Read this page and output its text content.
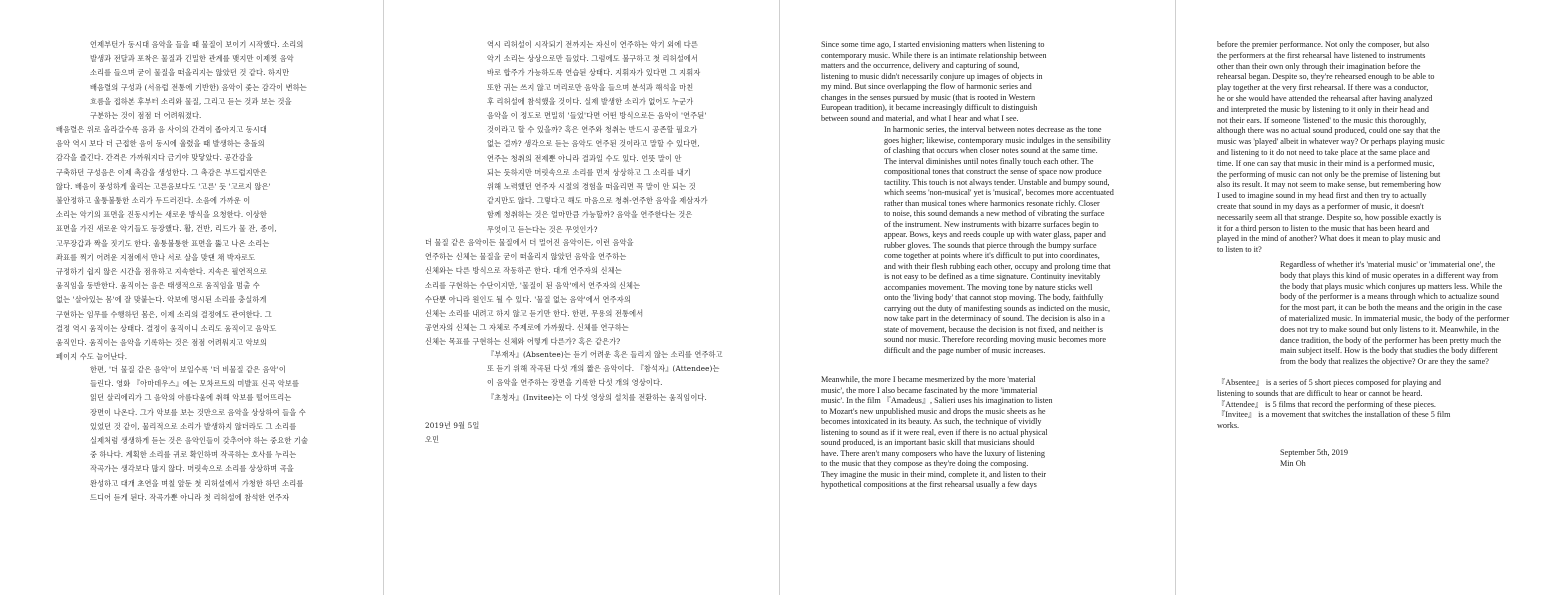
언제부턴가 동시대 음악을 들을 때 물질이 보이기 시작했다. 소리의
발생과 전달과 포착은 물질과 긴밀한 관계를 맺지만 이제껏 음악
소리를 들으며 굳이 물질을 떠올리지는 않았던 것 같다. 하지만
배음렬의 구성과 (서유럽 전통에 기반한) 음악이 좇는 감각이 변하는
흐름을 접하본 후부터 소리와 물질, 그리고 듣는 것과 보는 것을
구분하는 것이 점점 더 어려워졌다.
배음렬은 위로 올라갈수록 음과 음 사이의 간격이 좁아지고 동시대
음악 역시 보다 더 근접한 음이 동시에 울렸을 때 발생하는 충돌의
감각을 즐긴다. 간격은 가까워지다 금기야 맞닿았다. 공간감을
구축하던 구성음은 이제 촉감을 생성한다. 그 촉감은 부드럽지만은
않다. 배음이 풍성하게 울리는 고른음보다도 '고른' 듯 '고르지 않은'
불안정하고 울퉁불퉁한 소리가 두드러진다. 소음에 가까운 이
소리는 악기의 표면을 진동시키는 새로운 방식을 요청한다. 이상한
표면을 가진 새로운 악기들도 등장했다. 활, 건반, 리드가 물 잔, 종이,
고무장갑과 짝을 짓기도 한다. 울퉁불퉁한 표면을 뚫고 나온 소리는
좌표를 찍기 어려운 지점에서 만나 서로 살을 맞댄 채 박자로도
규정하기 쉽지 않은 시간을 점유하고 지속한다. 지속은 필연적으로
움직임을 동반한다. 움직이는 음은 태생적으로 움직임을 멈출 수
없는 '살아있는 몸'에 잘 맞붙는다. 악보에 명시된 소리를 충실하게
구현하는 임무를 수행하던 몸은, 이제 소리의 결정에도 관여한다. 그
결정 역시 움직이는 상태다. 결정이 움직이니 소리도 움직이고 음악도
움직인다. 움직이는 음악을 기록하는 것은 점점 어려워지고 악보의
페이지 수도 늘어난다.
한편, '더 물질 같은 음악'이 보일수록 '더 비물질 같은 음악'이
들린다. 영화 『아마데우스』에는 모차르트의 미발표 신곡 악보를
읽던 살리에리가 그 음악의 아름다움에 취해 악보를 떨어뜨리는
장면이 나온다. 그가 악보를 보는 것만으로 음악을 상상하여 들을 수
있었던 것 같이, 물리적으로 소리가 발생하지 않더라도 그 소리를
실제처럼 생생하게 듣는 것은 음악인들이 갖추어야 하는 중요한 기술
중 하나다. 계획한 소리를 귀로 확인하며 작곡하는 호사를 누리는
작곡가는 생각보다 많지 않다. 머릿속으로 소리를 상상하며 곡을
완성하고 대개 초연을 며칠 앞둔 첫 리허설에서 가청한 하던 소리를
드디어 듣게 된다. 작곡가뿐 아니라 첫 리허설에 참석한 연주자
역시 리허설이 시작되기 전까지는 자신이 연주하는 악기 외에 다른
악기 소리는 상상으로만 들었다. 그럼에도 불구하고 첫 리허설에서
바로 합주가 가능하도록 연습된 상태다. 지휘자가 있다면 그 지휘자
또한 귀는 쓰지 않고 머리로만 음악을 들으며 분석과 해석을 마친
후 리허설에 참석했을 것이다. 실제 발생한 소리가 없어도 누군가
음악을 이 정도로 면밀히 '들었'다면 어떤 방식으로든 음악이 '연주된'
것이라고 할 수 있을까? 혹은 연주와 청취는 반드시 공존할 필요가
없는 걸까? 생각으로 듣는 음악도 연주된 것이라고 말할 수 있다면,
연주는 청취의 전제뿐 아니라 결과일 수도 있다. 언뜻 말이 안
되는 듯하지만 머릿속으로 소리를 먼저 상상하고 그 소리를 내기
위해 노력했던 연주자 시절의 경험을 떠올리면 꼭 말이 안 되는 것
같지만도 않다. 그렇다고 해도 마음으로 청취-연주한 음악을 제삼자가
함께 청취하는 것은 얼마만큼 가능할까? 음악을 연주한다는 것은
무엇이고 듣는다는 것은 무엇인가?
더 물질 같은 음악이든 물질에서 더 멀어진 음악이든, 이런 음악을
연주하는 신체는 물질을 굳이 떠올리지 않았던 음악을 연주하는
신체와는 다른 방식으로 작동하곤 한다. 대개 연주자의 신체는
소리를 구현하는 수단이지만, '물질이 된 음악'에서 연주자의 신체는
수단뿐 아니라 원인도 될 수 있다. '물질 없는 음악'에서 연주자의
신체는 소리를 내려고 하지 않고 듣기만 한다. 한편, 무용의 전통에서
공연자의 신체는 그 자체로 주제로에 가까웠다. 신체를 연구하는
신체는 목표를 구현하는 신체와 어떻게 다른가? 혹은 같은가?
『부재자』(Absentee)는 듣기 어려운 혹은 들리지 않는 소리를 연주하고
또 듣기 위해 작곡된 다섯 개의 짧은 음악이다. 『참석자』(Attendee)는
이 음악을 연주하는 장면을 기록한 다섯 개의 영상이다.
『초청자』(Invitee)는 이 다섯 영상의 설치를 전환하는 움직임이다.
2019년 9월 5일
오민
Since some time ago, I started envisioning matters when listening to
contemporary music. While there is an intimate relationship between
matters and the occurrence, delivery and capturing of sound,
listening to music didn't necessarily conjure up images of objects in
my mind. But since overlapping the flow of harmonic series and
changes in the senses pursued by music (that is rooted in Western
European tradition), it became increasingly difficult to distinguish
between sound and material, and what I hear and what I see.
In harmonic series, the interval between notes decrease as the tone
goes higher; likewise, contemporary music indulges in the sensibility
of clashing that occurs when closer notes sound at the same time.
The interval diminishes until notes finally touch each other. The
compositional tones that construct the sense of space now produce
tactility. This touch is not always tender. Unstable and bumpy sound,
which seems 'non-musical' yet is 'musical', becomes more accentuated
rather than musical tones where harmonics resonate richly. Closer
to noise, this sound demands a new method of vibrating the surface
of the instrument. New instruments with bizarre surfaces begin to
appear. Bows, keys and reeds couple up with water glass, paper and
rubber gloves. The sounds that pierce through the bumpy surface
come together at points where it's difficult to put into coordinates,
and with their flesh rubbing each other, occupy and prolong time that
is not easy to be defined as a time signature. Continuity inevitably
accompanies movement. The moving tone by nature sticks well
onto the 'living body' that cannot stop moving. The body, faithfully
carrying out the duty of manifesting sounds as indicted on the music,
now take part in the determinacy of sound. The decision is also in a
state of movement, because the decision is not fixed, and neither is
sound nor music. Therefore recording moving music becomes more
difficult and the page number of music increases.
Meanwhile, the more I became mesmerized by the more 'material
music', the more I also became fascinated by the more 'immaterial
music'. In the film 『Amadeus』, Salieri uses his imagination to listen
to Mozart's new unpublished music and drops the music sheets as he
becomes intoxicated in its beauty. As such, the technique of vividly
listening to sound as if it were real, even if there is no actual physical
sound produced, is an important basic skill that musicians should
have. There aren't many composers who have the luxury of listening
to the music that they compose as they're doing the composing.
They imagine the music in their mind, complete it, and listen to their
hypothetical compositions at the first rehearsal usually a few days
before the premier performance. Not only the composer, but also
the performers at the first rehearsal have listened to instruments
other than their own only through their imagination before the
rehearsal began. Despite so, they're rehearsed enough to be able to
play together at the very first rehearsal. If there was a conductor,
he or she would have attended the rehearsal after having analyzed
and interpreted the music by listening to it only in their head and
not their ears. If someone 'listened' to the music this thoroughly,
although there was no actual sound produced, could one say that the
music was 'played' albeit in whatever way? Or perhaps playing music
and listening to it do not need to take place at the same place and
time. If one can say that music in their mind is a performed music,
the performing of music can not only be the premise of listening but
also its result. It may not seem to make sense, but remembering how
I used to imagine sound in my head first and then try to actually
create that sound in my days as a performer of music, it doesn't
necessarily seem all that strange. Despite so, how possible exactly is
it for a third person to listen to the music that has been heard and
played in the mind of another? What does it mean to play music and
to listen to it?
Regardless of whether it's 'material music' or 'immaterial one', the
body that plays this kind of music operates in a different way from
the body that plays music which conjures up matters less. While the
body of the performer is a means through which to actualize sound
for the most part, it can be both the means and the origin in the case
of materialized music. In immaterial music, the body of the performer
does not try to make sound but only listens to it. Meanwhile, in the
dance tradition, the body of the performer has been pretty much the
main subject itself. How is the body that studies the body different
from the body that realizes the objective? Or are they the same?
『Absentee』 is a series of 5 short pieces composed for playing and
listening to sounds that are difficult to hear or cannot be heard.
『Attendee』 is 5 films that record the performing of these pieces.
『Invitee』 is a movement that switches the installation of these 5 film
works.
September 5th, 2019
Min Oh
